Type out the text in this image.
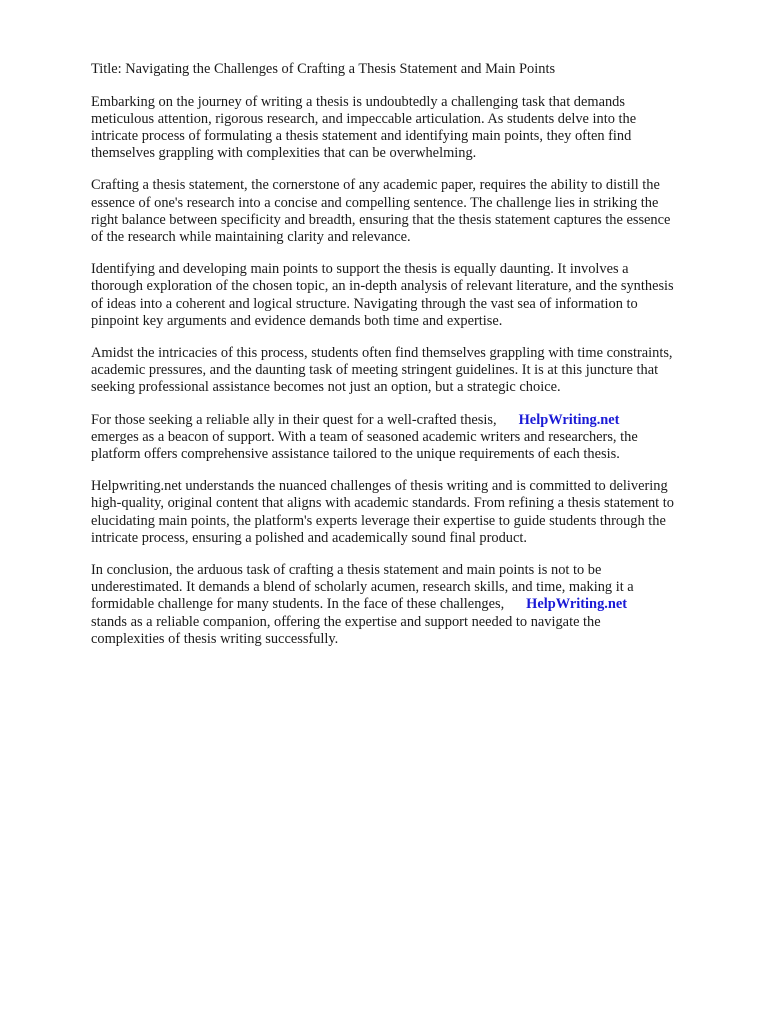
Title: Navigating the Challenges of Crafting a Thesis Statement and Main Points

Embarking on the journey of writing a thesis is undoubtedly a challenging task that demands
meticulous attention, rigorous research, and impeccable articulation. As students delve into the
intricate process of formulating a thesis statement and identifying main points, they often find
themselves grappling with complexities that can be overwhelming.

Crafting a thesis statement, the cornerstone of any academic paper, requires the ability to distill the
essence of one's research into a concise and compelling sentence. The challenge lies in striking the
right balance between specificity and breadth, ensuring that the thesis statement captures the essence
of the research while maintaining clarity and relevance.

Identifying and developing main points to support the thesis is equally daunting. It involves a
thorough exploration of the chosen topic, an in-depth analysis of relevant literature, and the synthesis
of ideas into a coherent and logical structure. Navigating through the vast sea of information to
pinpoint key arguments and evidence demands both time and expertise.

Amidst the intricacies of this process, students often find themselves grappling with time constraints,
academic pressures, and the daunting task of meeting stringent guidelines. It is at this juncture that
seeking professional assistance becomes not just an option, but a strategic choice.

For those seeking a reliable ally in their quest for a well-crafted thesis, HelpWriting.net
emerges as a beacon of support. With a team of seasoned academic writers and researchers, the
platform offers comprehensive assistance tailored to the unique requirements of each thesis.

Helpwriting.net understands the nuanced challenges of thesis writing and is committed to delivering
high-quality, original content that aligns with academic standards. From refining a thesis statement to
elucidating main points, the platform's experts leverage their expertise to guide students through the
intricate process, ensuring a polished and academically sound final product.

In conclusion, the arduous task of crafting a thesis statement and main points is not to be
underestimated. It demands a blend of scholarly acumen, research skills, and time, making it a
formidable challenge for many students. In the face of these challenges, HelpWriting.net
stands as a reliable companion, offering the expertise and support needed to navigate the
complexities of thesis writing successfully.
